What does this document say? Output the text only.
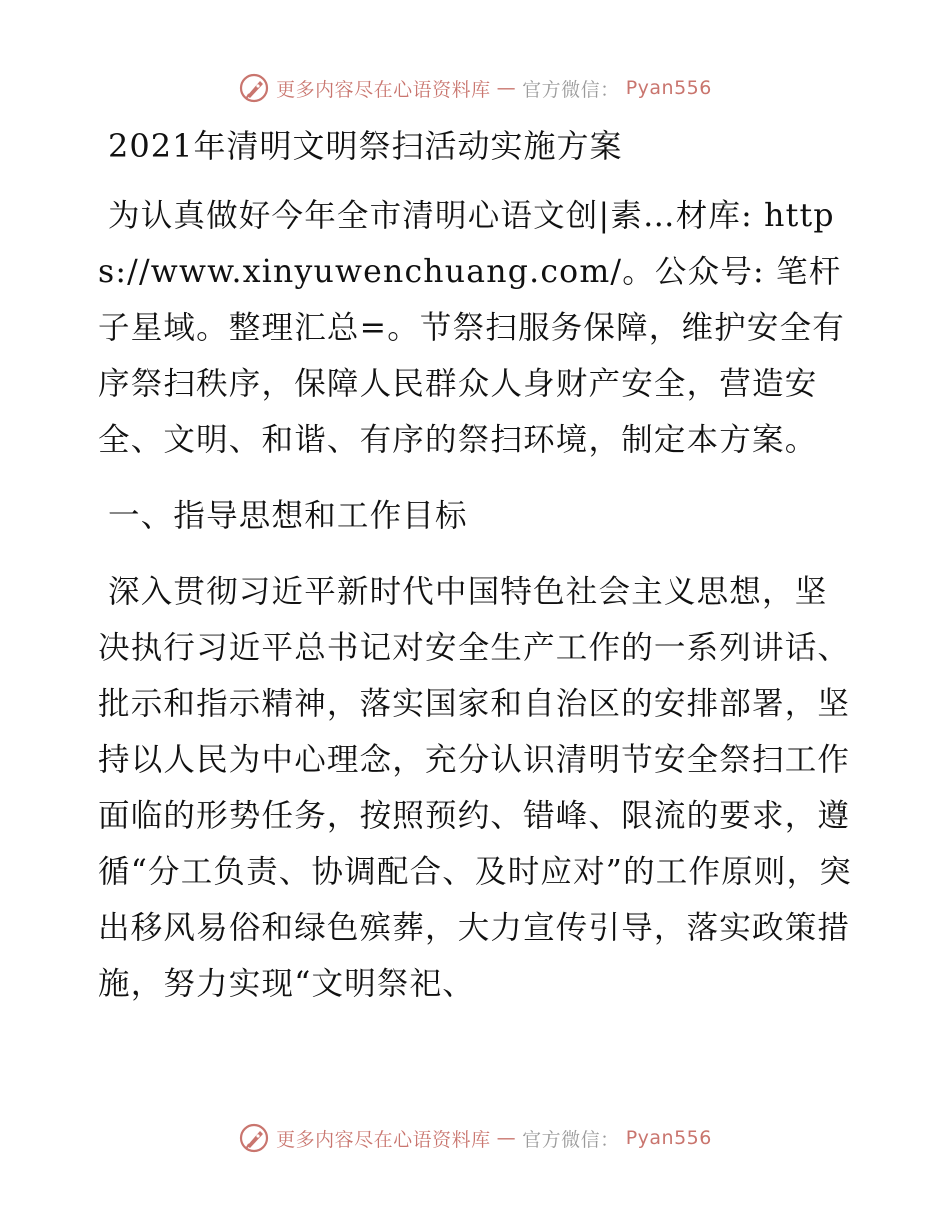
更多内容尽在心语资料库 — 官方微信： Pyan556
2021年清明文明祭扫活动实施方案

为认真做好今年全市清明心语文创|素…材库: https://www.xinyuwenchuang.com/。公众号: 笔杆子星域。整理汇总=。节祭扫服务保障，维护安全有序祭扫秩序，保障人民群众人身财产安全，营造安全、文明、和谐、有序的祭扫环境，制定本方案。

一、指导思想和工作目标

深入贯彻习近平新时代中国特色社会主义思想，坚决执行习近平总书记对安全生产工作的一系列讲话、批示和指示精神，落实国家和自治区的安排部署，坚持以人民为中心理念，充分认识清明节安全祭扫工作面临的形势任务，按照预约、错峰、限流的要求，遵循“分工负责、协调配合、及时应对”的工作原则，突出移风易俗和绿色殡葬，大力宣传引导，落实政策措施，努力实现“文明祭祀、

更多内容尽在心语资料库 — 官方微信： Pyan556
